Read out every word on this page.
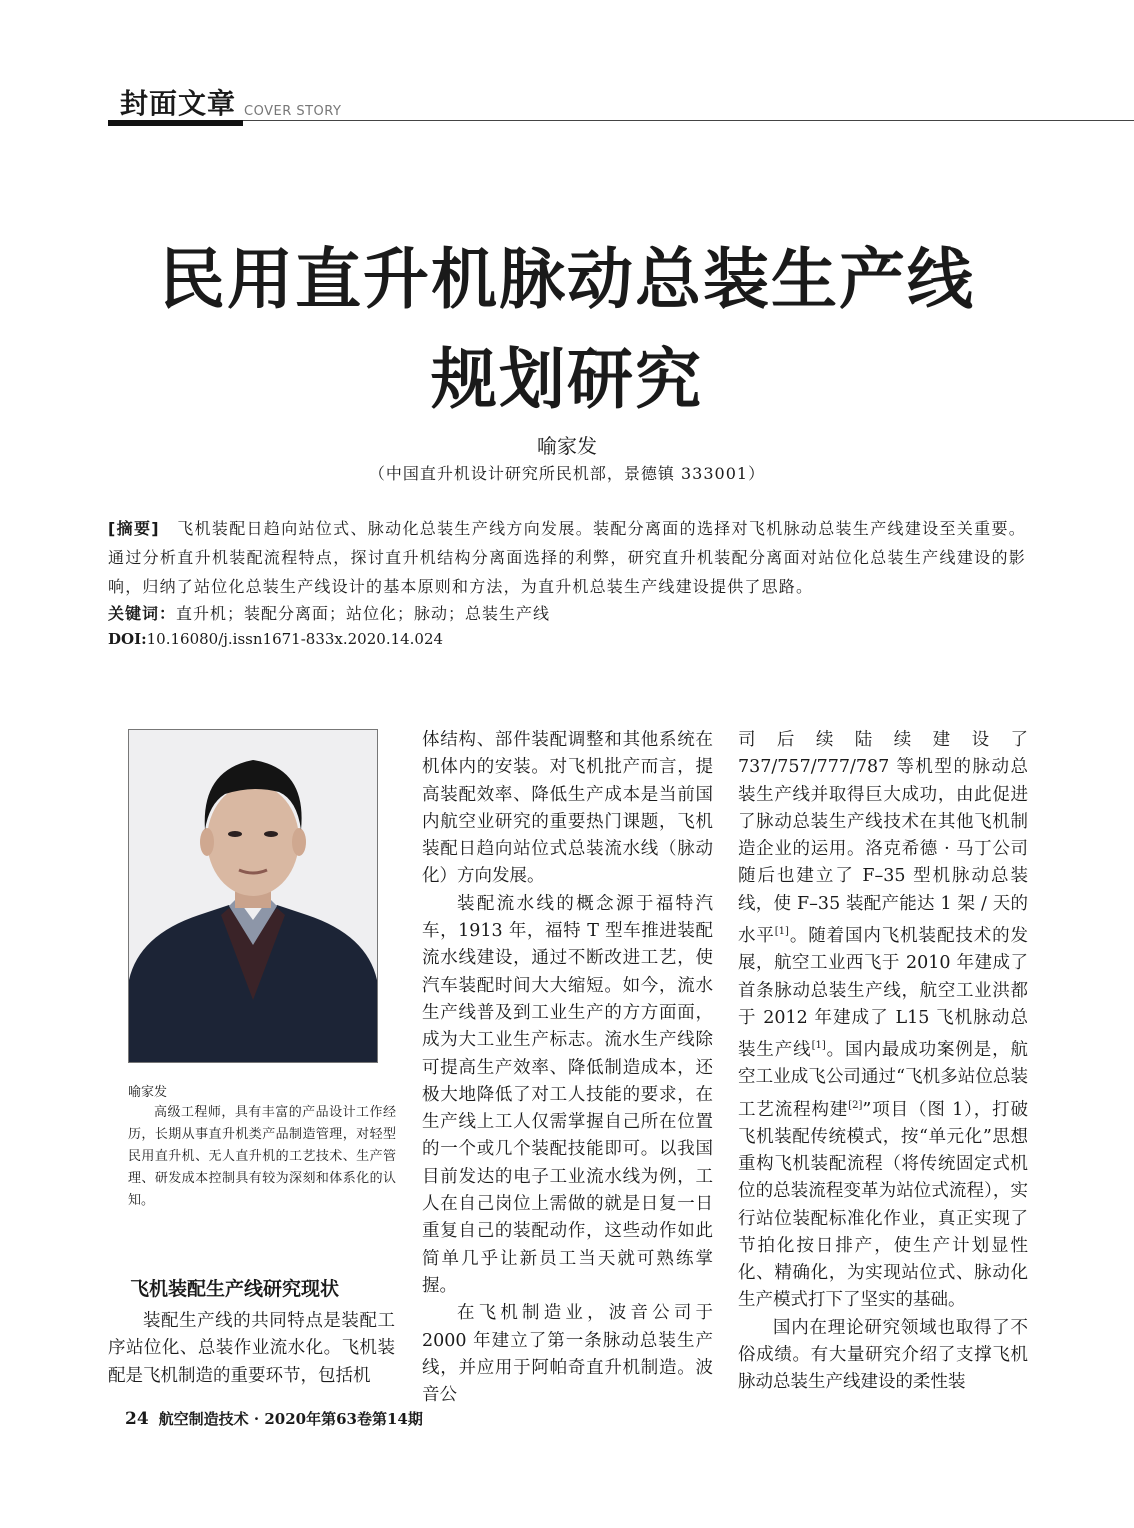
封面文章 COVER STORY
民用直升机脉动总装生产线
规划研究
喻家发
（中国直升机设计研究所民机部，景德镇 333001）
[摘要]　 飞机装配日趋向站位式、脉动化总装生产线方向发展。装配分离面的选择对飞机脉动总装生产线建设至关重要。通过分析直升机装配流程特点，探讨直升机结构分离面选择的利弊，研究直升机装配分离面对站位化总装生产线建设的影响，归纳了站位化总装生产线设计的基本原则和方法，为直升机总装生产线建设提供了思路。
关键词：直升机；装配分离面；站位化；脉动；总装生产线
DOI:10.16080/j.issn1671-833x.2020.14.024
喻家发
高级工程师，具有丰富的产品设计工作经历，长期从事直升机类产品制造管理，对轻型民用直升机、无人直升机的工艺技术、生产管理、研发成本控制具有较为深刻和体系化的认知。
飞机装配生产线研究现状

装配生产线的共同特点是装配工序站位化、总装作业流水化。飞机装配是飞机制造的重要环节，包括机

体结构、部件装配调整和其他系统在机体内的安装。对飞机批产而言，提高装配效率、降低生产成本是当前国内航空业研究的重要热门课题，飞机装配日趋向站位式总装流水线（脉动化）方向发展。

装配流水线的概念源于福特汽车，1913 年，福特 T 型车推进装配流水线建设，通过不断改进工艺，使汽车装配时间大大缩短。如今，流水生产线普及到工业生产的方方面面，成为大工业生产标志。流水生产线除可提高生产效率、降低制造成本，还极大地降低了对工人技能的要求，在生产线上工人仅需掌握自己所在位置的一个或几个装配技能即可。以我国目前发达的电子工业流水线为例，工人在自己岗位上需做的就是日复一日重复自己的装配动作，这些动作如此简单几乎让新员工当天就可熟练掌握。

在飞机制造业，波音公司于 2000 年建立了第一条脉动总装生产线，并应用于阿帕奇直升机制造。波音公

司后续陆续建设了 737/757/777/787 等机型的脉动总装生产线并取得巨大成功，由此促进了脉动总装生产线技术在其他飞机制造企业的运用。洛克希德 · 马丁公司随后也建立了 F–35 型机脉动总装线，使 F–35 装配产能达 1 架 / 天的水平[1]。随着国内飞机装配技术的发展，航空工业西飞于 2010 年建成了首条脉动总装生产线，航空工业洪都于 2012 年建成了 L15 飞机脉动总装生产线[1]。国内最成功案例是，航空工业成飞公司通过“飞机多站位总装工艺流程构建[2]”项目（图 1），打破飞机装配传统模式，按“单元化”思想重构飞机装配流程（将传统固定式机位的总装流程变革为站位式流程），实行站位装配标准化作业，真正实现了节拍化按日排产，使生产计划显性化、精确化，为实现站位式、脉动化生产模式打下了坚实的基础。

国内在理论研究领域也取得了不俗成绩。有大量研究介绍了支撑飞机脉动总装生产线建设的柔性装

24 航空制造技术 · 2020年第63卷第14期
